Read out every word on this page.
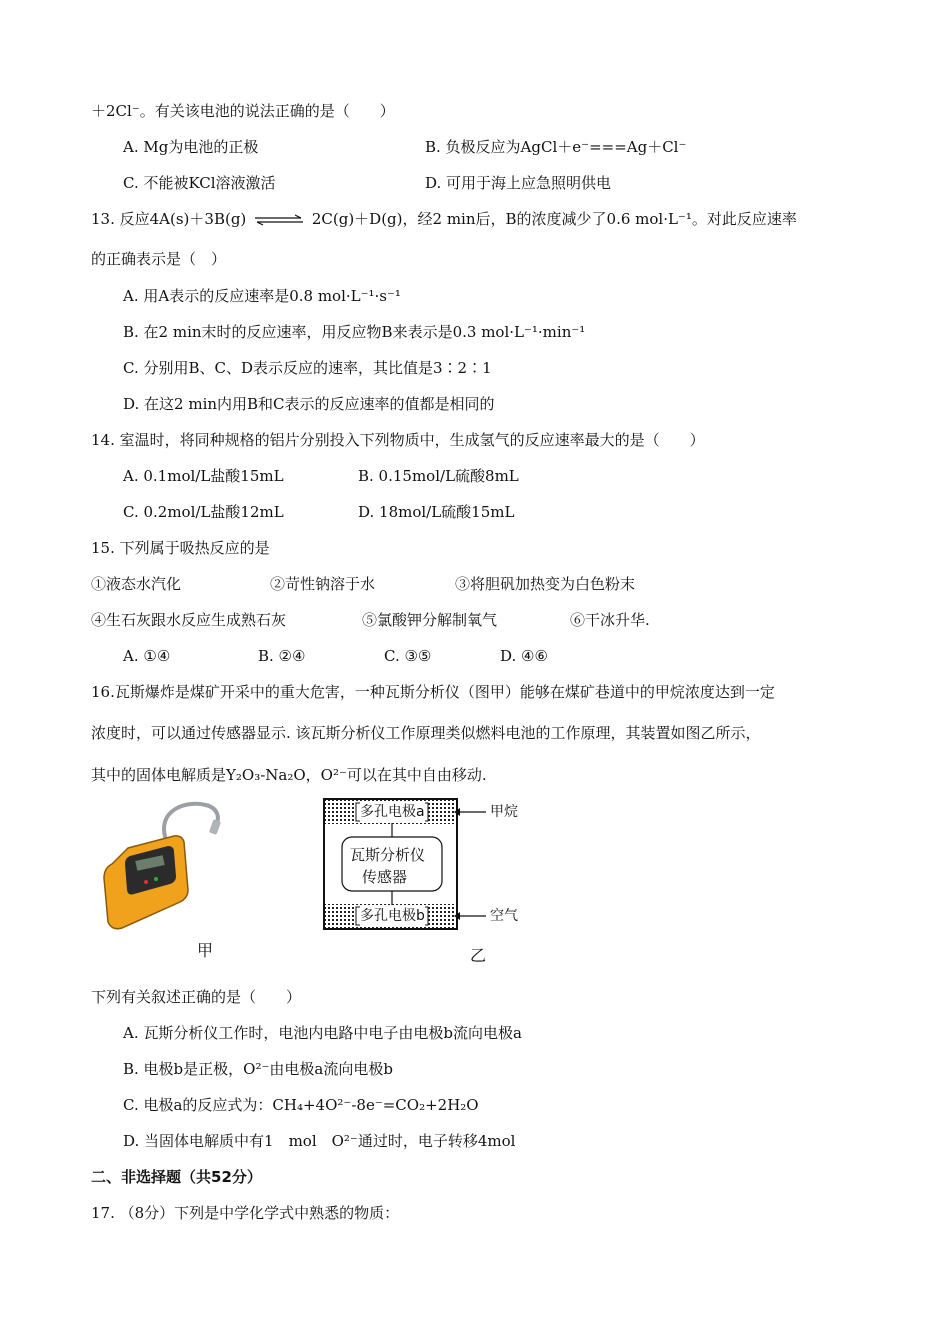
＋2Cl⁻。有关该电池的说法正确的是（　　）
A. Mg为电池的正极	B. 负极反应为AgCl＋e⁻===Ag＋Cl⁻
C. 不能被KCl溶液激活	D. 可用于海上应急照明供电
13. 反应4A(s)＋3B(g) ⇌ 2C(g)＋D(g)，经2 min后，B的浓度减少了0.6 mol·L⁻¹。对此反应速率
的正确表示是（　）
A. 用A表示的反应速率是0.8 mol·L⁻¹·s⁻¹
B. 在2 min末时的反应速率，用反应物B来表示是0.3 mol·L⁻¹·min⁻¹
C. 分别用B、C、D表示反应的速率，其比值是3∶2∶1
D. 在这2 min内用B和C表示的反应速率的值都是相同的
14. 室温时，将同种规格的铝片分别投入下列物质中，生成氢气的反应速率最大的是（　　）
A. 0.1mol/L盐酸15mL	B. 0.15mol/L硫酸8mL
C. 0.2mol/L盐酸12mL	D. 18mol/L硫酸15mL
15. 下列属于吸热反应的是
①液态水汽化	②苛性钠溶于水	③将胆矾加热变为白色粉末
④生石灰跟水反应生成熟石灰	⑤氯酸钾分解制氧气	⑥干冰升华.
A. ①④	B. ②④	C. ③⑤	D. ④⑥
16.瓦斯爆炸是煤矿开采中的重大危害，一种瓦斯分析仪（图甲）能够在煤矿巷道中的甲烷浓度达到一定
浓度时，可以通过传感器显示. 该瓦斯分析仪工作原理类似燃料电池的工作原理，其装置如图乙所示，
其中的固体电解质是Y₂O₃-Na₂O，O²⁻可以在其中自由移动.
甲
多孔电极a
多孔电极b
瓦斯分析仪
传感器
甲烷
空气
乙
下列有关叙述正确的是（　　）
A. 瓦斯分析仪工作时，电池内电路中电子由电极b流向电极a
B. 电极b是正极，O²⁻由电极a流向电极b
C. 电极a的反应式为：CH₄+4O²⁻-8e⁻=CO₂+2H₂O
D. 当固体电解质中有1　mol　O²⁻通过时，电子转移4mol
二、非选择题（共52分）
17. （8分）下列是中学化学式中熟悉的物质：
